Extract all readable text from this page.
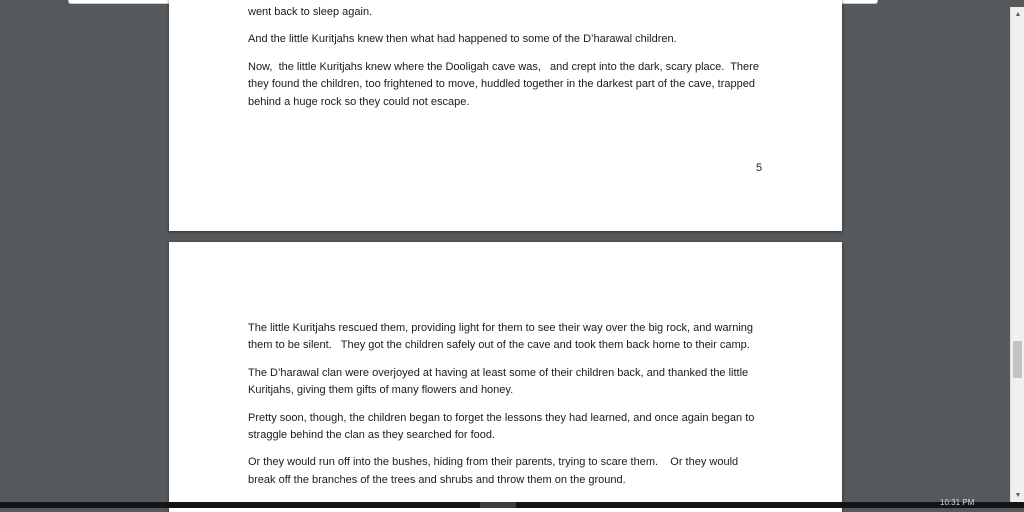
went back to sleep again.

And the little Kuritjahs knew then what had happened to some of the D’harawal children.

Now,  the little Kuritjahs knew where the Dooligah cave was,   and crept into the dark, scary place.  There they found the children, too frightened to move, huddled together in the darkest part of the cave, trapped behind a huge rock so they could not escape.

5

The little Kuritjahs rescued them, providing light for them to see their way over the big rock, and warning them to be silent.   They got the children safely out of the cave and took them back home to their camp.

The D’harawal clan were overjoyed at having at least some of their children back, and thanked the little Kuritjahs, giving them gifts of many flowers and honey.

Pretty soon, though, the children began to forget the lessons they had learned, and once again began to straggle behind the clan as they searched for food.

Or they would run off into the bushes, hiding from their parents, trying to scare them.    Or they would break off the branches of the trees and shrubs and throw them on the ground.

▲
▼
10:31 PM
